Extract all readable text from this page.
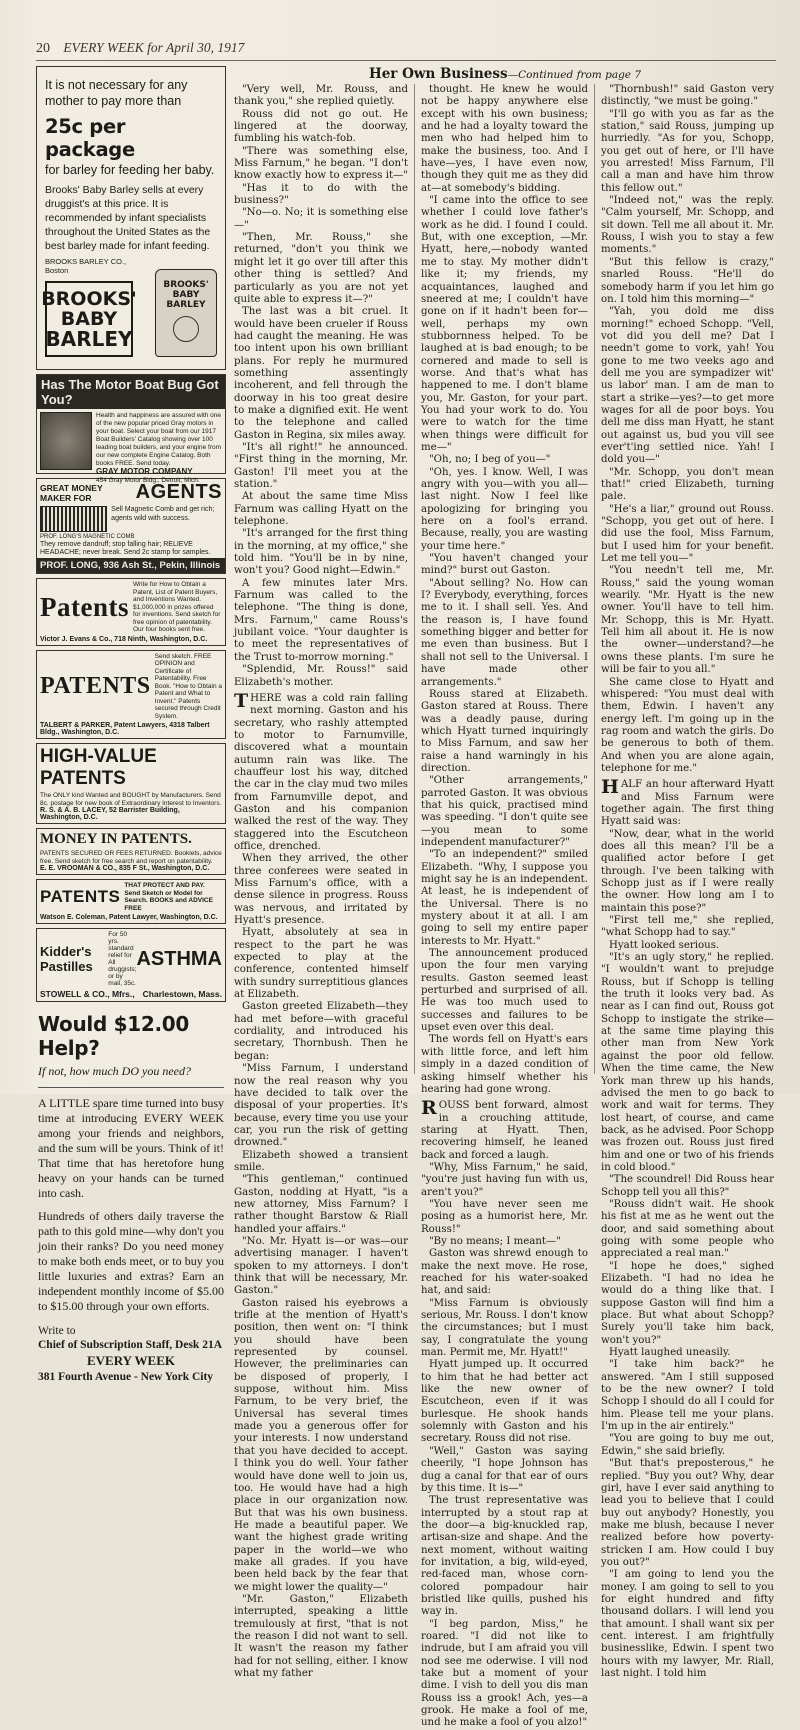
20 EVERY WEEK for April 30, 1917
It is not necessary for any mother to pay more than
25c per package
for barley for feeding her baby.
Brooks' Baby Barley sells at every druggist's at this price. It is recommended by infant specialists throughout the United States as the best barley made for infant feeding.
BROOKS BARLEY CO., Boston
BROOKS'
BABY
BARLEY
BROOKS'
BABY
BARLEY
Has The Motor Boat Bug Got You?
Health and happiness are assured with one of the new popular priced Gray motors in your boat. Select your boat from our 1917 Boat Builders' Catalog showing over 100 leading boat builders, and your engine from our new complete Engine Catalog. Both books FREE. Send today.
GRAY MOTOR COMPANY
454 Gray Motor Bldg., Detroit, Mich.
GREAT MONEY MAKER FOR	AGENTS
Sell Magnetic Comb and get rich; agents wild with success.
PROF. LONG'S MAGNETIC COMB
They remove dandruff; stop falling hair; RELIEVE HEADACHE; never break. Send 2c stamp for samples.
PROF. LONG, 936 Ash St., Pekin, Illinois
Patents
Write for How to Obtain a Patent, List of Patent Buyers, and Inventions Wanted. $1,000,000 in prizes offered for inventions. Send sketch for free opinion of patentability. Our four books sent free.
Victor J. Evans & Co., 718 Ninth, Washington, D.C.
PATENTS
Send sketch. FREE OPINION and Certificate of Patentability. Free Book. "How to Obtain a Patent and What to Invent." Patents secured through Credit System.
TALBERT & PARKER, Patent Lawyers, 4318 Talbert Bldg., Washington, D.C.
HIGH-VALUE PATENTS
The ONLY kind Wanted and BOUGHT by Manufacturers. Send 8c. postage for new book of Extraordinary Interest to Inventors.
R. S. & A. B. LACEY, 52 Barrister Building, Washington, D.C.
MONEY IN PATENTS.
PATENTS SECURED OR FEES RETURNED. Booklets, advice free. Send sketch for free search and report on patentability.
E. E. VROOMAN & CO., 835 F St., Washington, D.C.
PATENTS
THAT PROTECT AND PAY. Send Sketch or Model for Search. BOOKS and ADVICE FREE
Watson E. Coleman, Patent Lawyer, Washington, D.C.
Kidder's Pastilles
For 50 yrs. standard relief for All druggists; or by mail, 35c.
ASTHMA
STOWELL & CO., Mfrs., Charlestown, Mass.
Would $12.00 Help?
If not, how much DO you need?

A LITTLE spare time turned into busy time at introducing EVERY WEEK among your friends and neighbors, and the sum will be yours. Think of it! That time that has heretofore hung heavy on your hands can be turned into cash.

Hundreds of others daily traverse the path to this gold mine—why don't you join their ranks? Do you need money to make both ends meet, or to buy you little luxuries and extras? Earn an independent monthly income of $5.00 to $15.00 through your own efforts.

Write to
Chief of Subscription Staff, Desk 21A
EVERY WEEK
381 Fourth Avenue - New York City
Her Own Business—Continued from page 7

"Very well, Mr. Rouss, and thank you," she replied quietly.

Rouss did not go out. He lingered at the doorway, fumbling his watch-fob.

"There was something else, Miss Farnum," he began. "I don't know exactly how to express it—"

"Has it to do with the business?"

"No—o. No; it is something else—"

"Then, Mr. Rouss," she returned, "don't you think we might let it go over till after this other thing is settled? And particularly as you are not yet quite able to express it—?"

The last was a bit cruel. It would have been crueler if Rouss had caught the meaning. He was too intent upon his own brilliant plans. For reply he murmured something assentingly incoherent, and fell through the doorway in his too great desire to make a dignified exit. He went to the telephone and called Gaston in Regina, six miles away.

"It's all right!" he announced. "First thing in the morning, Mr. Gaston! I'll meet you at the station."

At about the same time Miss Farnum was calling Hyatt on the telephone.

"It's arranged for the first thing in the morning, at my office," she told him. "You'll be in by nine, won't you? Good night—Edwin."

A few minutes later Mrs. Farnum was called to the telephone. "The thing is done, Mrs. Farnum," came Rouss's jubilant voice. "Your daughter is to meet the representatives of the Trust to-morrow morning."

"Splendid, Mr. Rouss!" said Elizabeth's mother.

THERE was a cold rain falling next morning. Gaston and his secretary, who rashly attempted to motor to Farnumville, discovered what a mountain autumn rain was like. The chauffeur lost his way, ditched the car in the clay mud two miles from Farnumville depot, and Gaston and his companion walked the rest of the way. They staggered into the Escutcheon office, drenched.

When they arrived, the other three conferees were seated in Miss Farnum's office, with a dense silence in progress. Rouss was nervous, and irritated by Hyatt's presence.

Hyatt, absolutely at sea in respect to the part he was expected to play at the conference, contented himself with sundry surreptitious glances at Elizabeth.

Gaston greeted Elizabeth—they had met before—with graceful cordiality, and introduced his secretary, Thornbush. Then he began:

"Miss Farnum, I understand now the real reason why you have decided to talk over the disposal of your properties. It's because, every time you use your car, you run the risk of getting drowned."

Elizabeth showed a transient smile.

"This gentleman," continued Gaston, nodding at Hyatt, "is a new attorney, Miss Farnum? I rather thought Barstow & Riall handled your affairs."

"No. Mr. Hyatt is—or was—our advertising manager. I haven't spoken to my attorneys. I don't think that will be necessary, Mr. Gaston."

Gaston raised his eyebrows a trifle at the mention of Hyatt's position, then went on: "I think you should have been represented by counsel. However, the preliminaries can be disposed of properly, I suppose, without him. Miss Farnum, to be very brief, the Universal has several times made you a generous offer for your interests. I now understand that you have decided to accept. I think you do well. Your father would have done well to join us, too. He would have had a high place in our organization now. But that was his own business. He made a beautiful paper. We want the highest grade writing paper in the world—we who make all grades. If you have been held back by the fear that we might lower the quality—"

"Mr. Gaston," Elizabeth interrupted, speaking a little tremulously at first, "that is not the reason I did not want to sell. It wasn't the reason my father had for not selling, either. I know what my father

thought. He knew he would not be happy anywhere else except with his own business; and he had a loyalty toward the men who had helped him to make the business, too. And I have—yes, I have even now, though they quit me as they did at—at somebody's bidding.

"I came into the office to see whether I could love father's work as he did. I found I could. But, with one exception, —Mr. Hyatt, here,—nobody wanted me to stay. My mother didn't like it; my friends, my acquaintances, laughed and sneered at me; I couldn't have gone on if it hadn't been for—well, perhaps my own stubbornness helped. To be laughed at is bad enough; to be cornered and made to sell is worse. And that's what has happened to me. I don't blame you, Mr. Gaston, for your part. You had your work to do. You were to watch for the time when things were difficult for me—"

"Oh, no; I beg of you—"

"Oh, yes. I know. Well, I was angry with you—with you all—last night. Now I feel like apologizing for bringing you here on a fool's errand. Because, really, you are wasting your time here."

"You haven't changed your mind?" burst out Gaston.

"About selling? No. How can I? Everybody, everything, forces me to it. I shall sell. Yes. And the reason is, I have found something bigger and better for me even than business. But I shall not sell to the Universal. I have made other arrangements."

Rouss stared at Elizabeth. Gaston stared at Rouss. There was a deadly pause, during which Hyatt turned inquiringly to Miss Farnum, and saw her raise a hand warningly in his direction.

"Other arrangements," parroted Gaston. It was obvious that his quick, practised mind was speeding. "I don't quite see—you mean to some independent manufacturer?"

"To an independent?" smiled Elizabeth. "Why, I suppose you might say he is an independent. At least, he is independent of the Universal. There is no mystery about it at all. I am going to sell my entire paper interests to Mr. Hyatt."

The announcement produced upon the four men varying results. Gaston seemed least perturbed and surprised of all. He was too much used to successes and failures to be upset even over this deal.

The words fell on Hyatt's ears with little force, and left him simply in a dazed condition of asking himself whether his hearing had gone wrong.

ROUSS bent forward, almost in a crouching attitude, staring at Hyatt. Then, recovering himself, he leaned back and forced a laugh.

"Why, Miss Farnum," he said, "you're just having fun with us, aren't you?"

"You have never seen me posing as a humorist here, Mr. Rouss!"

"By no means; I meant—"

Gaston was shrewd enough to make the next move. He rose, reached for his water-soaked hat, and said:

"Miss Farnum is obviously serious, Mr. Rouss. I don't know the circumstances; but I must say, I congratulate the young man. Permit me, Mr. Hyatt!"

Hyatt jumped up. It occurred to him that he had better act like the new owner of Escutcheon, even if it was burlesque. He shook hands solemnly with Gaston and his secretary. Rouss did not rise.

"Well," Gaston was saying cheerily, "I hope Johnson has dug a canal for that ear of ours by this time. It is—"

The trust representative was interrupted by a stout rap at the door—a big-knuckled rap, artisan-size and shape. And the next moment, without waiting for invitation, a big, wild-eyed, red-faced man, whose corn-colored pompadour hair bristled like quills, pushed his way in.

"I beg pardon, Miss," he roared. "I did not like to indrude, but I am afraid you vill nod see me oderwise. I vill nod take but a moment of your dime. I vish to dell you dis man Rouss iss a grook! Ach, yes—a grook. He make a fool of me, und he make a fool of you alzo!"

"Thornbush!" said Gaston very distinctly, "we must be going."

"I'll go with you as far as the station," said Rouss, jumping up hurriedly. "As for you, Schopp, you get out of here, or I'll have you arrested! Miss Farnum, I'll call a man and have him throw this fellow out."

"Indeed not," was the reply. "Calm yourself, Mr. Schopp, and sit down. Tell me all about it. Mr. Rouss, I wish you to stay a few moments."

"But this fellow is crazy," snarled Rouss. "He'll do somebody harm if you let him go on. I told him this morning—"

"Yah, you dold me diss morning!" echoed Schopp. "Vell, vot did you dell me? Dat I needn't gome to vork, yah! You gone to me two veeks ago and dell me you are sympadizer wit' us labor' man. I am de man to start a strike—yes?—to get more wages for all de poor boys. You dell me diss man Hyatt, he stant out against us, bud you vill see ever't'ing settled nice. Yah! I dold you—"

"Mr. Schopp, you don't mean that!" cried Elizabeth, turning pale.

"He's a liar," ground out Rouss. "Schopp, you get out of here. I did use the fool, Miss Farnum, but I used him for your benefit. Let me tell you—"

"You needn't tell me, Mr. Rouss," said the young woman wearily. "Mr. Hyatt is the new owner. You'll have to tell him. Mr. Schopp, this is Mr. Hyatt. Tell him all about it. He is now the owner—understand?—he owns these plants. I'm sure he will be fair to you all."

She came close to Hyatt and whispered: "You must deal with them, Edwin. I haven't any energy left. I'm going up in the rag room and watch the girls. Do be generous to both of them. And when you are alone again, telephone for me."

HALF an hour afterward Hyatt and Miss Farnum were together again. The first thing Hyatt said was:

"Now, dear, what in the world does all this mean? I'll be a qualified actor before I get through. I've been talking with Schopp just as if I were really the owner. How long am I to maintain this pose?"

"First tell me," she replied, "what Schopp had to say."

Hyatt looked serious.

"It's an ugly story," he replied. "I wouldn't want to prejudge Rouss, but if Schopp is telling the truth it looks very bad. As near as I can find out, Rouss got Schopp to instigate the strike—at the same time playing this other man from New York against the poor old fellow. When the time came, the New York man threw up his hands, advised the men to go back to work and wait for terms. They lost heart, of course, and came back, as he advised. Poor Schopp was frozen out. Rouss just fired him and one or two of his friends in cold blood."

"The scoundrel! Did Rouss hear Schopp tell you all this?"

"Rouss didn't wait. He shook his fist at me as he went out the door, and said something about going with some people who appreciated a real man."

"I hope he does," sighed Elizabeth. "I had no idea he would do a thing like that. I suppose Gaston will find him a place. But what about Schopp? Surely you'll take him back, won't you?"

Hyatt laughed uneasily.

"I take him back?" he answered. "Am I still supposed to be the new owner? I told Schopp I should do all I could for him. Please tell me your plans. I'm up in the air entirely."

"You are going to buy me out, Edwin," she said briefly.

"But that's preposterous," he replied. "Buy you out? Why, dear girl, have I ever said anything to lead you to believe that I could buy out anybody? Honestly, you make me blush, because I never realized before how poverty-stricken I am. How could I buy you out?"

"I am going to lend you the money. I am going to sell to you for eight hundred and fifty thousand dollars. I will lend you that amount. I shall want six per cent. interest. I am frightfully businesslike, Edwin. I spent two hours with my lawyer, Mr. Riall, last night. I told him
